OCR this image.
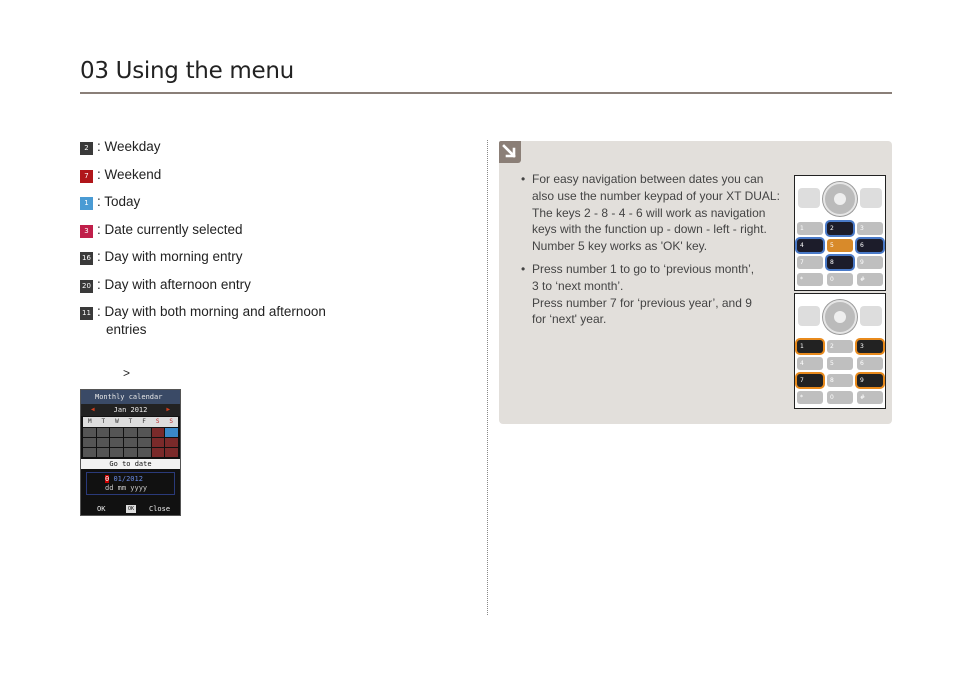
03 Using the menu
2 : Weekday
7 : Weekend
1 : Today
3 : Date currently selected
16 : Day with morning entry
20 : Day with afternoon entry
11 : Day with both morning and afternoon
entries
>
Monthly calendar
◀	Jan 2012	▶
M	T	W	T	F	S	S
Go to date
0 01/2012
dd mm yyyy
OK	OK Close
• For easy navigation between dates you can
also use the number keypad of your XT DUAL:
The keys 2 - 8 - 4 - 6 will work as navigation
keys with the function up - down - left - right.
Number 5 key works as 'OK' key.
• Press number 1 to go to ‘previous month’,
3 to ‘next month’.
Press number 7 for ‘previous year’, and 9
for ‘next' year.
1	2	3
4	5	6
7	8	9
*	0	#
1	2	3
4	5	6
7	8	9
*	0	#
